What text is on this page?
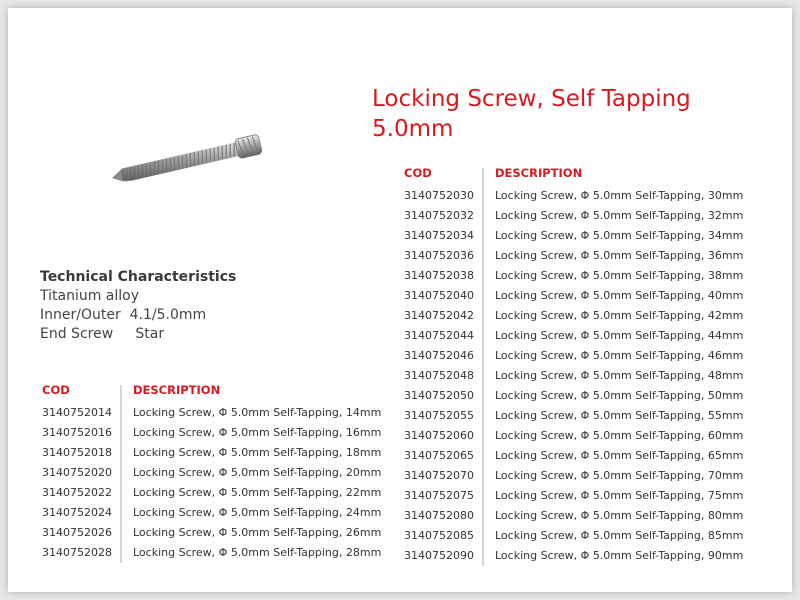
Locking Screw, Self Tapping
5.0mm
Technical Characteristics
Titanium alloy
Inner/Outer 4.1/5.0mm
End Screw Star
COD	DESCRIPTION
3140752014 Locking Screw, Φ 5.0mm Self-Tapping, 14mm
3140752016 Locking Screw, Φ 5.0mm Self-Tapping, 16mm
3140752018 Locking Screw, Φ 5.0mm Self-Tapping, 18mm
3140752020 Locking Screw, Φ 5.0mm Self-Tapping, 20mm
3140752022 Locking Screw, Φ 5.0mm Self-Tapping, 22mm
3140752024 Locking Screw, Φ 5.0mm Self-Tapping, 24mm
3140752026 Locking Screw, Φ 5.0mm Self-Tapping, 26mm
3140752028 Locking Screw, Φ 5.0mm Self-Tapping, 28mm
COD	DESCRIPTION
3140752030 Locking Screw, Φ 5.0mm Self-Tapping, 30mm
3140752032 Locking Screw, Φ 5.0mm Self-Tapping, 32mm
3140752034 Locking Screw, Φ 5.0mm Self-Tapping, 34mm
3140752036 Locking Screw, Φ 5.0mm Self-Tapping, 36mm
3140752038 Locking Screw, Φ 5.0mm Self-Tapping, 38mm
3140752040 Locking Screw, Φ 5.0mm Self-Tapping, 40mm
3140752042 Locking Screw, Φ 5.0mm Self-Tapping, 42mm
3140752044 Locking Screw, Φ 5.0mm Self-Tapping, 44mm
3140752046 Locking Screw, Φ 5.0mm Self-Tapping, 46mm
3140752048 Locking Screw, Φ 5.0mm Self-Tapping, 48mm
3140752050 Locking Screw, Φ 5.0mm Self-Tapping, 50mm
3140752055 Locking Screw, Φ 5.0mm Self-Tapping, 55mm
3140752060 Locking Screw, Φ 5.0mm Self-Tapping, 60mm
3140752065 Locking Screw, Φ 5.0mm Self-Tapping, 65mm
3140752070 Locking Screw, Φ 5.0mm Self-Tapping, 70mm
3140752075 Locking Screw, Φ 5.0mm Self-Tapping, 75mm
3140752080 Locking Screw, Φ 5.0mm Self-Tapping, 80mm
3140752085 Locking Screw, Φ 5.0mm Self-Tapping, 85mm
3140752090 Locking Screw, Φ 5.0mm Self-Tapping, 90mm
